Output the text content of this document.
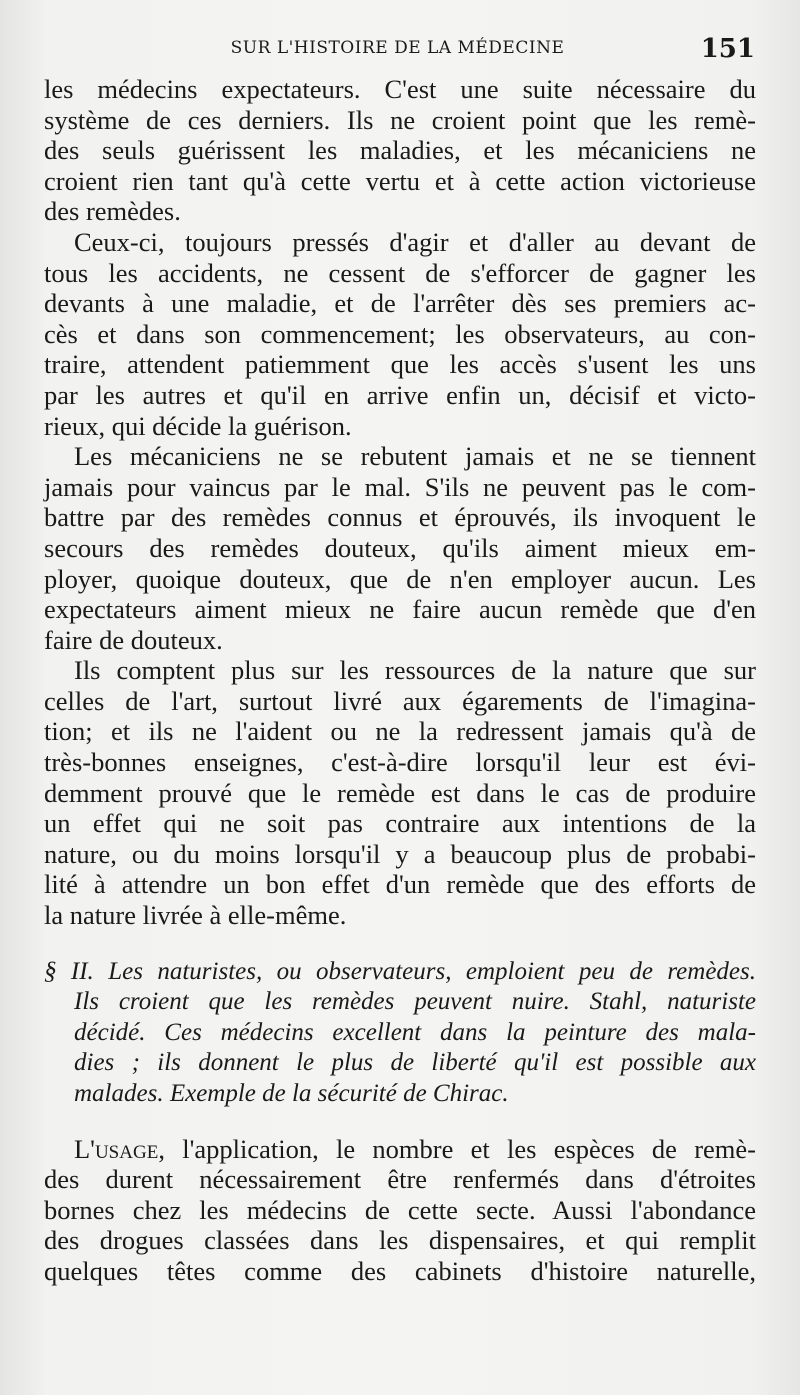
SUR L'HISTOIRE DE LA MÉDECINE	151
les médecins expectateurs. C'est une suite nécessaire du
système de ces derniers. Ils ne croient point que les remè-
des seuls guérissent les maladies, et les mécaniciens ne
croient rien tant qu'à cette vertu et à cette action victorieuse
des remèdes.
Ceux-ci, toujours pressés d'agir et d'aller au devant de
tous les accidents, ne cessent de s'efforcer de gagner les
devants à une maladie, et de l'arrêter dès ses premiers ac-
cès et dans son commencement; les observateurs, au con-
traire, attendent patiemment que les accès s'usent les uns
par les autres et qu'il en arrive enfin un, décisif et victo-
rieux, qui décide la guérison.
Les mécaniciens ne se rebutent jamais et ne se tiennent
jamais pour vaincus par le mal. S'ils ne peuvent pas le com-
battre par des remèdes connus et éprouvés, ils invoquent le
secours des remèdes douteux, qu'ils aiment mieux em-
ployer, quoique douteux, que de n'en employer aucun. Les
expectateurs aiment mieux ne faire aucun remède que d'en
faire de douteux.
Ils comptent plus sur les ressources de la nature que sur
celles de l'art, surtout livré aux égarements de l'imagina-
tion; et ils ne l'aident ou ne la redressent jamais qu'à de
très-bonnes enseignes, c'est-à-dire lorsqu'il leur est évi-
demment prouvé que le remède est dans le cas de produire
un effet qui ne soit pas contraire aux intentions de la
nature, ou du moins lorsqu'il y a beaucoup plus de probabi-
lité à attendre un bon effet d'un remède que des efforts de
la nature livrée à elle-même.
§ II. Les naturistes, ou observateurs, emploient peu de remèdes.
Ils croient que les remèdes peuvent nuire. Stahl, naturiste
décidé. Ces médecins excellent dans la peinture des mala-
dies ; ils donnent le plus de liberté qu'il est possible aux
malades. Exemple de la sécurité de Chirac.
L'usage, l'application, le nombre et les espèces de remè-
des durent nécessairement être renfermés dans d'étroites
bornes chez les médecins de cette secte. Aussi l'abondance
des drogues classées dans les dispensaires, et qui remplit
quelques têtes comme des cabinets d'histoire naturelle,
